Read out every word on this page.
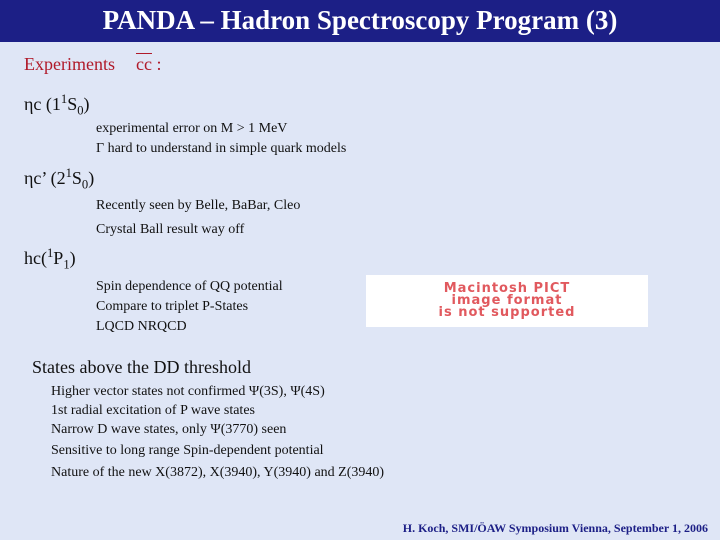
PANDA – Hadron Spectroscopy Program (3)
Experiments $\overline{cc}$ :
ηc $(1^1S_0)$
experimental error on M > 1 MeV
Γ hard to understand in simple quark models
ηc’ $(2^1S_0)$
Recently seen by Belle, BaBar, Cleo
Crystal Ball result way off
$hc(^1P_1)$
Spin dependence of QQ potential
Compare to triplet P-States
LQCD NRQCD
Macintosh PICT
image format
is not supported
States above the DD threshold
Higher vector states not confirmed Ψ(3S), Ψ(4S)
1st radial excitation of P wave states
Narrow D wave states, only Ψ(3770) seen
Sensitive to long range Spin-dependent potential
Nature of the new X(3872), X(3940), Y(3940) and Z(3940)
H. Koch, SMI/ÖAW Symposium Vienna, September 1, 2006
